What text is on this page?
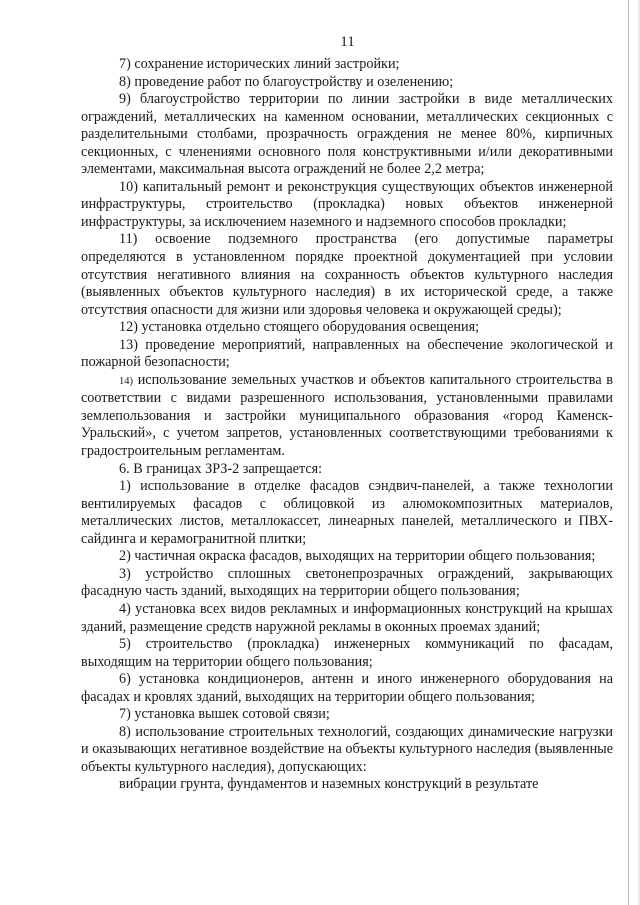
11

7) сохранение исторических линий застройки;

8) проведение работ по благоустройству и озеленению;

9) благоустройство территории по линии застройки в виде металлических ограждений, металлических на каменном основании, металлических секционных с разделительными столбами, прозрачность ограждения не менее 80%, кирпичных секционных, с членениями основного поля конструктивными и/или декоративными элементами, максимальная высота ограждений не более 2,2 метра;

10) капитальный ремонт и реконструкция существующих объектов инженерной инфраструктуры, строительство (прокладка) новых объектов инженерной инфраструктуры, за исключением наземного и надземного способов прокладки;

11) освоение подземного пространства (его допустимые параметры определяются в установленном порядке проектной документацией при условии отсутствия негативного влияния на сохранность объектов культурного наследия (выявленных объектов культурного наследия) в их исторической среде, а также отсутствия опасности для жизни или здоровья человека и окружающей среды);

12) установка отдельно стоящего оборудования освещения;

13) проведение мероприятий, направленных на обеспечение экологической и пожарной безопасности;

14) использование земельных участков и объектов капитального строительства в соответствии с видами разрешенного использования, установленными правилами землепользования и застройки муниципального образования «город Каменск-Уральский», с учетом запретов, установленных соответствующими требованиями к градостроительным регламентам.

6. В границах ЗРЗ-2 запрещается:

1) использование в отделке фасадов сэндвич-панелей, а также технологии вентилируемых фасадов с облицовкой из алюмокомпозитных материалов, металлических листов, металлокассет, линеарных панелей, металлического и ПВХ-сайдинга и керамогранитной плитки;

2) частичная окраска фасадов, выходящих на территории общего пользования;

3) устройство сплошных светонепрозрачных ограждений, закрывающих фасадную часть зданий, выходящих на территории общего пользования;

4) установка всех видов рекламных и информационных конструкций на крышах зданий, размещение средств наружной рекламы в оконных проемах зданий;

5) строительство (прокладка) инженерных коммуникаций по фасадам, выходящим на территории общего пользования;

6) установка кондиционеров, антенн и иного инженерного оборудования на фасадах и кровлях зданий, выходящих на территории общего пользования;

7) установка вышек сотовой связи;

8) использование строительных технологий, создающих динамические нагрузки и оказывающих негативное воздействие на объекты культурного наследия (выявленные объекты культурного наследия), допускающих:

вибрации грунта, фундаментов и наземных конструкций в результате
